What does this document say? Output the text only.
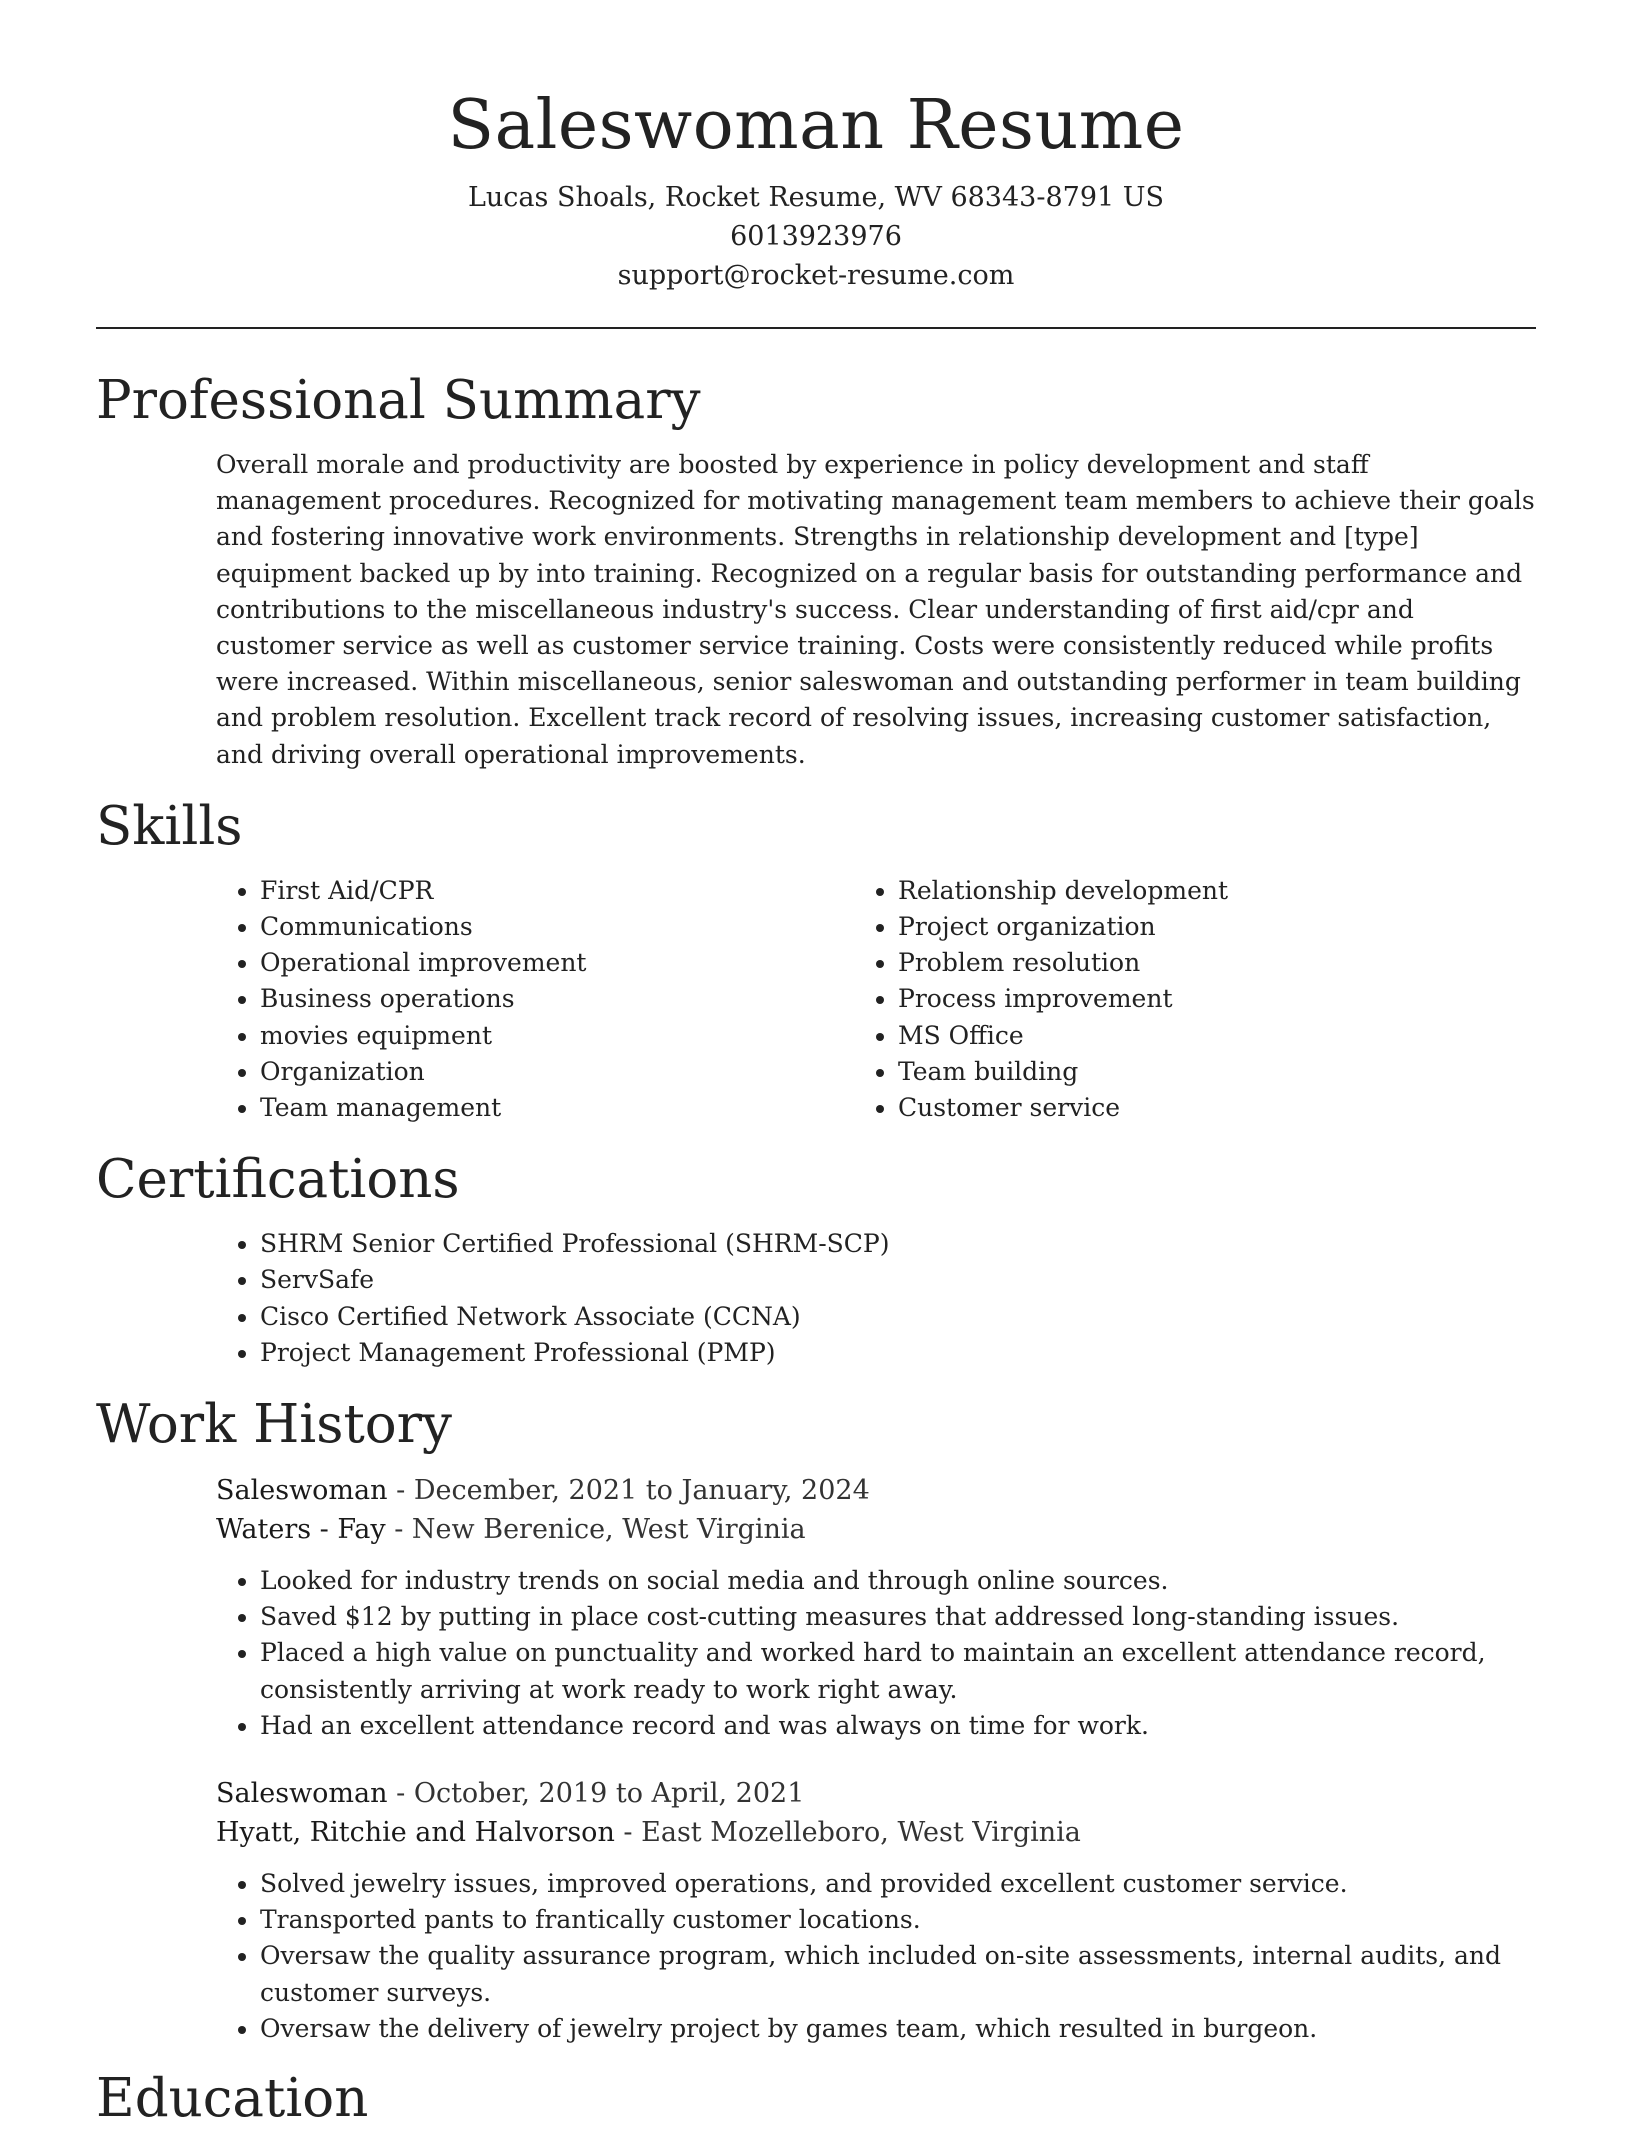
Saleswoman Resume
Lucas Shoals, Rocket Resume, WV 68343-8791 US
6013923976
support@rocket-resume.com
Professional Summary

Overall morale and productivity are boosted by experience in policy development and staff management procedures. Recognized for motivating management team members to achieve their goals and fostering innovative work environments. Strengths in relationship development and [type] equipment backed up by into training. Recognized on a regular basis for outstanding performance and contributions to the miscellaneous industry's success. Clear understanding of first aid/cpr and customer service as well as customer service training. Costs were consistently reduced while profits were increased. Within miscellaneous, senior saleswoman and outstanding performer in team building and problem resolution. Excellent track record of resolving issues, increasing customer satisfaction, and driving overall operational improvements.

Skills
• First Aid/CPR
• Communications
• Operational improvement
• Business operations
• movies equipment
• Organization
• Team management
• Relationship development
• Project organization
• Problem resolution
• Process improvement
• MS Office
• Team building
• Customer service
Certifications
• SHRM Senior Certified Professional (SHRM-SCP)
• ServSafe
• Cisco Certified Network Associate (CCNA)
• Project Management Professional (PMP)
Work History
Saleswoman - December, 2021 to January, 2024
Waters - Fay - New Berenice, West Virginia
• Looked for industry trends on social media and through online sources.
• Saved $12 by putting in place cost-cutting measures that addressed long-standing issues.
• Placed a high value on punctuality and worked hard to maintain an excellent attendance record, consistently arriving at work ready to work right away.
• Had an excellent attendance record and was always on time for work.
Saleswoman - October, 2019 to April, 2021
Hyatt, Ritchie and Halvorson - East Mozelleboro, West Virginia
• Solved jewelry issues, improved operations, and provided excellent customer service.
• Transported pants to frantically customer locations.
• Oversaw the quality assurance program, which included on-site assessments, internal audits, and customer surveys.
• Oversaw the delivery of jewelry project by games team, which resulted in burgeon.
Education
